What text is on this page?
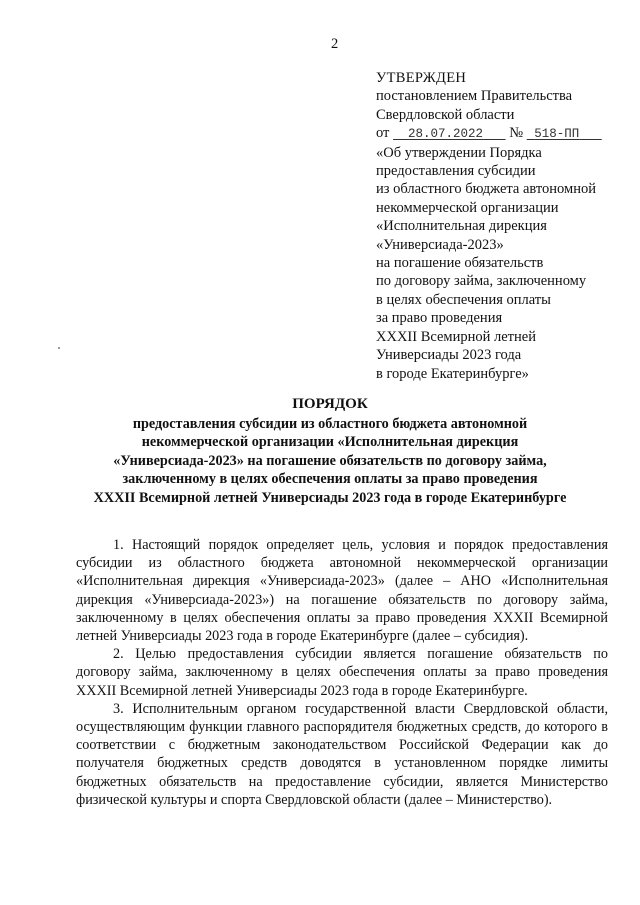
2
УТВЕРЖДЕН
постановлением Правительства
Свердловской области
от 28.07.2022 № 518-ПП
«Об утверждении Порядка
предоставления субсидии
из областного бюджета автономной
некоммерческой организации
«Исполнительная дирекция
«Универсиада-2023»
на погашение обязательств
по договору займа, заключенному
в целях обеспечения оплаты
за право проведения
XXXII Всемирной летней
Универсиады 2023 года
в городе Екатеринбурге»
ПОРЯДОК
предоставления субсидии из областного бюджета автономной
некоммерческой организации «Исполнительная дирекция
«Универсиада-2023» на погашение обязательств по договору займа,
заключенному в целях обеспечения оплаты за право проведения
XXXII Всемирной летней Универсиады 2023 года в городе Екатеринбурге

1. Настоящий порядок определяет цель, условия и порядок предоставления субсидии из областного бюджета автономной некоммерческой организации «Исполнительная дирекция «Универсиада-2023» (далее – АНО «Исполнительная дирекция «Универсиада-2023») на погашение обязательств по договору займа, заключенному в целях обеспечения оплаты за право проведения XXXII Всемирной летней Универсиады 2023 года в городе Екатеринбурге (далее – субсидия).

2. Целью предоставления субсидии является погашение обязательств по договору займа, заключенному в целях обеспечения оплаты за право проведения XXXII Всемирной летней Универсиады 2023 года в городе Екатеринбурге.

3. Исполнительным органом государственной власти Свердловской области, осуществляющим функции главного распорядителя бюджетных средств, до которого в соответствии с бюджетным законодательством Российской Федерации как до получателя бюджетных средств доводятся в установленном порядке лимиты бюджетных обязательств на предоставление субсидии, является Министерство физической культуры и спорта Свердловской области (далее – Министерство).
